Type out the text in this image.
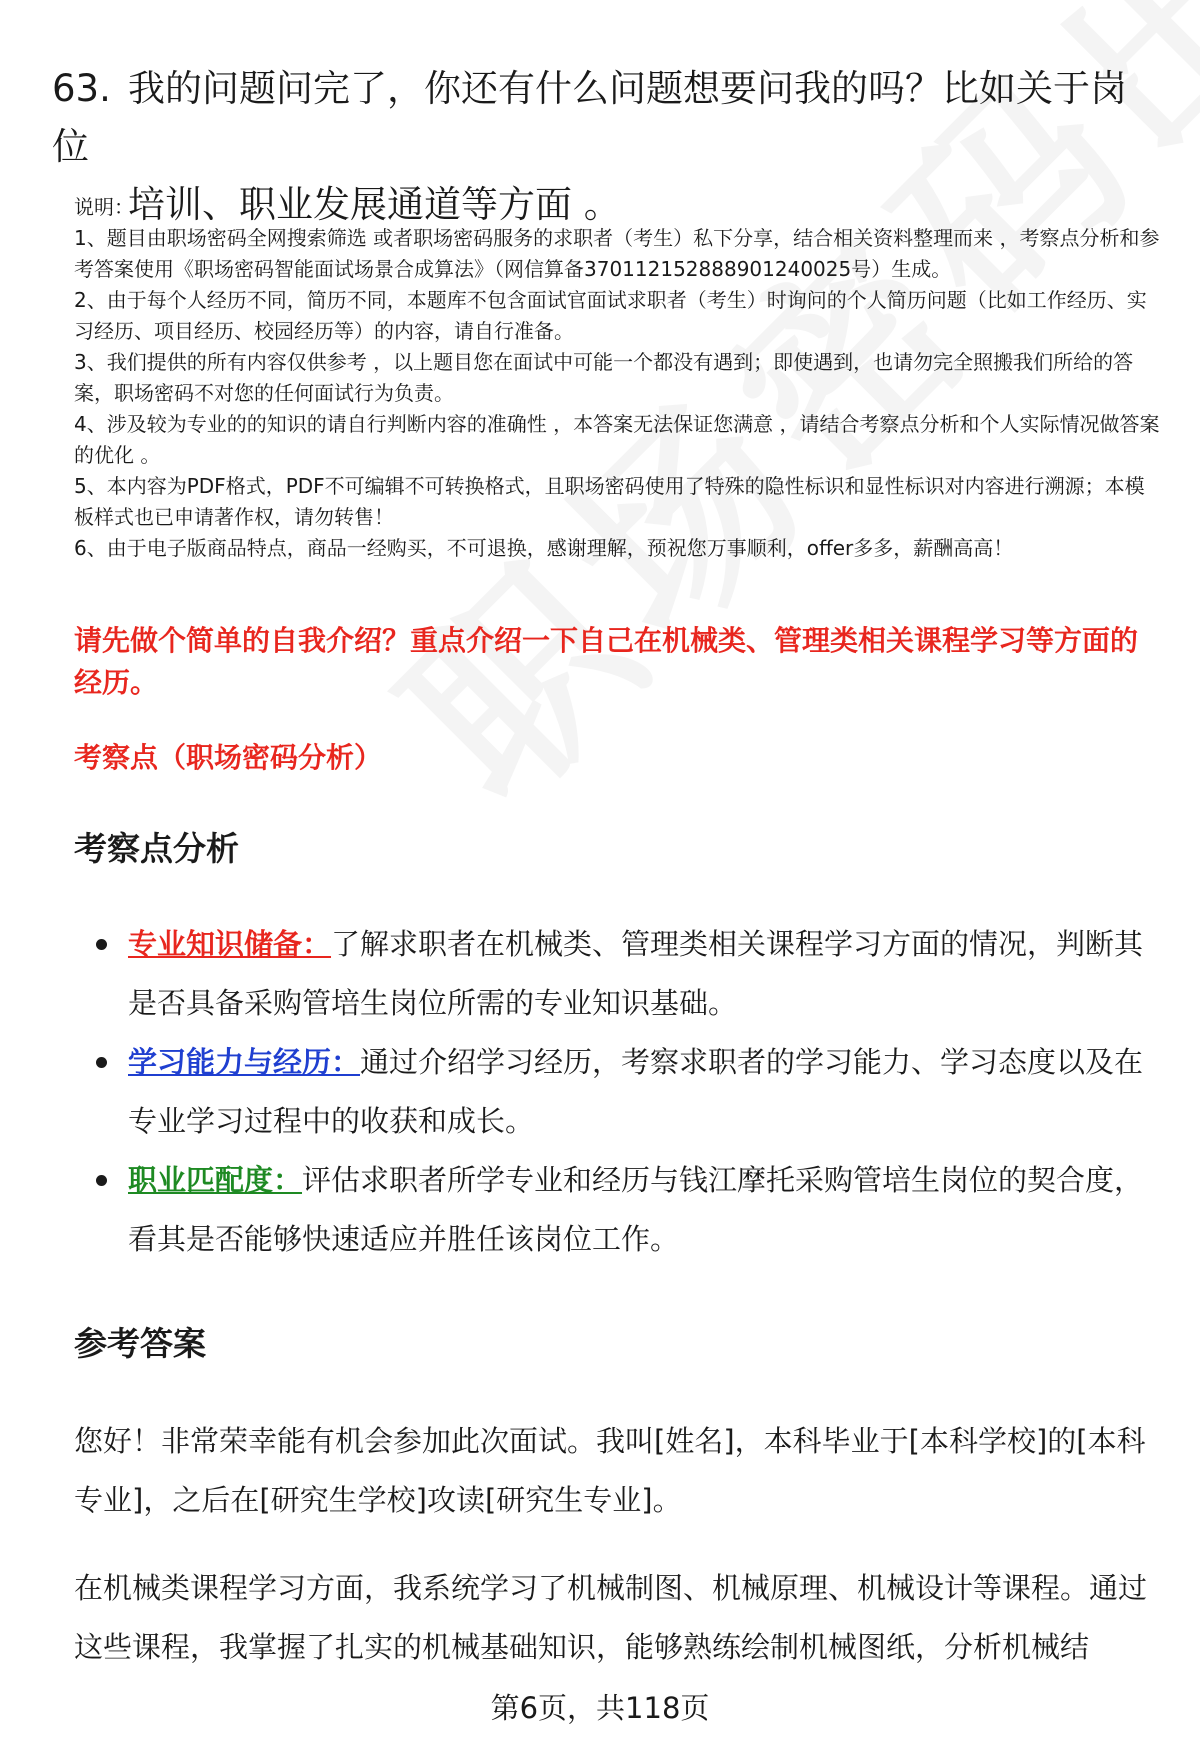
63. 我的问题问完了，你还有什么问题想要问我的吗？比如关于岗位
培训、职业发展通道等方面 。

说明：

1、题目由职场密码全网搜索筛选 或者职场密码服务的求职者（考生）私下分享，结合相关资料整理而来 ，考察点分析和参考答案使用《职场密码智能面试场景合成算法》（网信算备370112152888901240025号）生成。

2、由于每个人经历不同，简历不同，本题库不包含面试官面试求职者（考生）时询问的个人简历问题（比如工作经历、实习经历、项目经历、校园经历等）的内容，请自行准备。

3、我们提供的所有内容仅供参考 ，以上题目您在面试中可能一个都没有遇到；即使遇到，也请勿完全照搬我们所给的答案，职场密码不对您的任何面试行为负责。

4、涉及较为专业的的知识的请自行判断内容的准确性 ，本答案无法保证您满意 ，请结合考察点分析和个人实际情况做答案的优化 。

5、本内容为PDF格式，PDF不可编辑不可转换格式，且职场密码使用了特殊的隐性标识和显性标识对内容进行溯源；本模板样式也已申请著作权，请勿转售！

6、由于电子版商品特点，商品一经购买，不可退换，感谢理解，预祝您万事顺利，offer多多，薪酬高高！

请先做个简单的自我介绍？重点介绍一下自己在机械类、管理类相关课程学习等方面的经历。
考察点（职场密码分析）
考察点分析
专业知识储备：了解求职者在机械类、管理类相关课程学习方面的情况，判断其是否具备采购管培生岗位所需的专业知识基础。
学习能力与经历：通过介绍学习经历，考察求职者的学习能力、学习态度以及在专业学习过程中的收获和成长。
职业匹配度：评估求职者所学专业和经历与钱江摩托采购管培生岗位的契合度，看其是否能够快速适应并胜任该岗位工作。
参考答案

您好！非常荣幸能有机会参加此次面试。我叫[姓名]，本科毕业于[本科学校]的[本科专业]，之后在[研究生学校]攻读[研究生专业]。

在机械类课程学习方面，我系统学习了机械制图、机械原理、机械设计等课程。通过这些课程，我掌握了扎实的机械基础知识，能够熟练绘制机械图纸，分析机械结

第6页，共118页
